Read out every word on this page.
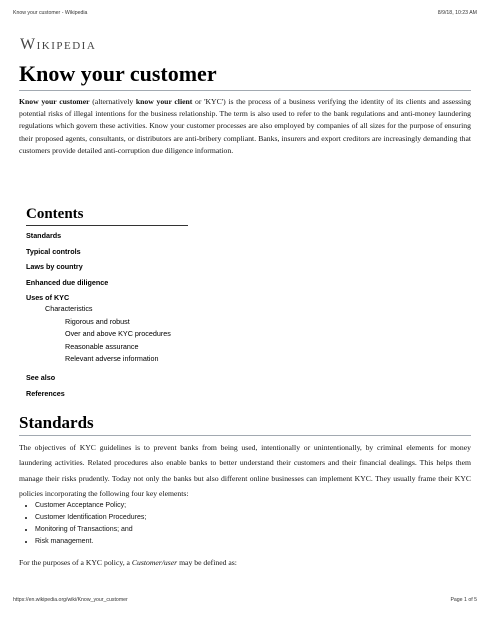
Know your customer - Wikipedia	8/9/18, 10:23 AM
Wikipedia
Know your customer

Know your customer (alternatively know your client or 'KYC') is the process of a business verifying the identity of its clients and assessing potential risks of illegal intentions for the business relationship. The term is also used to refer to the bank regulations and anti-money laundering regulations which govern these activities. Know your customer processes are also employed by companies of all sizes for the purpose of ensuring their proposed agents, consultants, or distributors are anti-bribery compliant. Banks, insurers and export creditors are increasingly demanding that customers provide detailed anti-corruption due diligence information.

Contents
Standards
Typical controls
Laws by country
Enhanced due diligence
Uses of KYC
Characteristics
Rigorous and robust
Over and above KYC procedures
Reasonable assurance
Relevant adverse information
See also
References
Standards

The objectives of KYC guidelines is to prevent banks from being used, intentionally or unintentionally, by criminal elements for money laundering activities. Related procedures also enable banks to better understand their customers and their financial dealings. This helps them manage their risks prudently. Today not only the banks but also different online businesses can implement KYC. They usually frame their KYC policies incorporating the following four key elements:

• Customer Acceptance Policy;
• Customer Identification Procedures;
• Monitoring of Transactions; and
• Risk management.

For the purposes of a KYC policy, a Customer/user may be defined as:

https://en.wikipedia.org/wiki/Know_your_customer	Page 1 of 5
